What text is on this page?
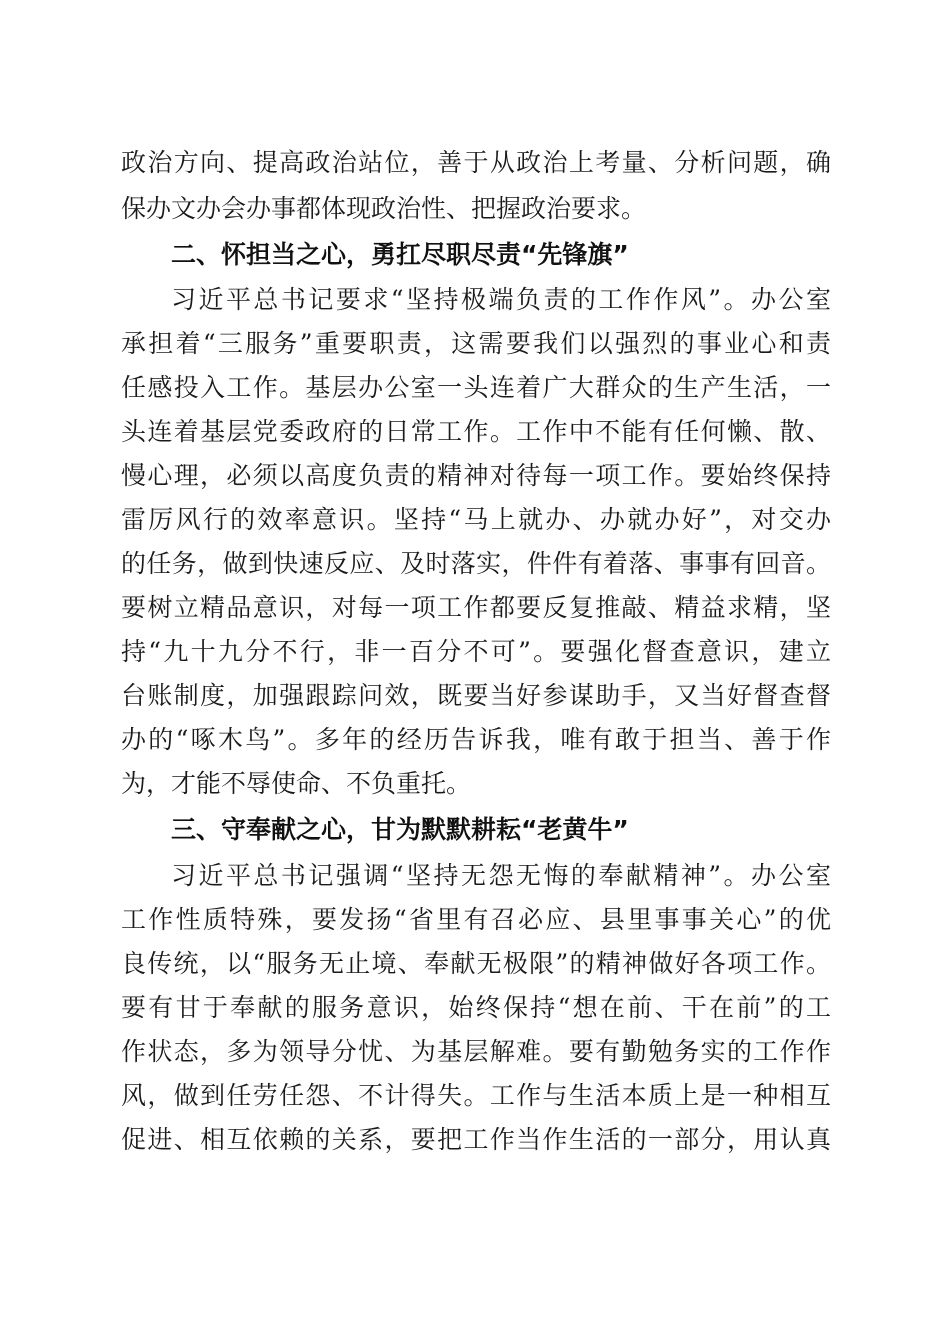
政治方向、提高政治站位，善于从政治上考量、分析问题，确
保办文办会办事都体现政治性、把握政治要求。
二、怀担当之心，勇扛尽职尽责“先锋旗”
习近平总书记要求“坚持极端负责的工作作风”。办公室
承担着“三服务”重要职责，这需要我们以强烈的事业心和责
任感投入工作。基层办公室一头连着广大群众的生产生活，一
头连着基层党委政府的日常工作。工作中不能有任何懒、散、
慢心理，必须以高度负责的精神对待每一项工作。要始终保持
雷厉风行的效率意识。坚持“马上就办、办就办好”，对交办
的任务，做到快速反应、及时落实，件件有着落、事事有回音。
要树立精品意识，对每一项工作都要反复推敲、精益求精，坚
持“九十九分不行，非一百分不可”。要强化督查意识，建立
台账制度，加强跟踪问效，既要当好参谋助手，又当好督查督
办的“啄木鸟”。多年的经历告诉我，唯有敢于担当、善于作
为，才能不辱使命、不负重托。
三、守奉献之心，甘为默默耕耘“老黄牛”
习近平总书记强调“坚持无怨无悔的奉献精神”。办公室
工作性质特殊，要发扬“省里有召必应、县里事事关心”的优
良传统，以“服务无止境、奉献无极限”的精神做好各项工作。
要有甘于奉献的服务意识，始终保持“想在前、干在前”的工
作状态，多为领导分忧、为基层解难。要有勤勉务实的工作作
风，做到任劳任怨、不计得失。工作与生活本质上是一种相互
促进、相互依赖的关系，要把工作当作生活的一部分，用认真
